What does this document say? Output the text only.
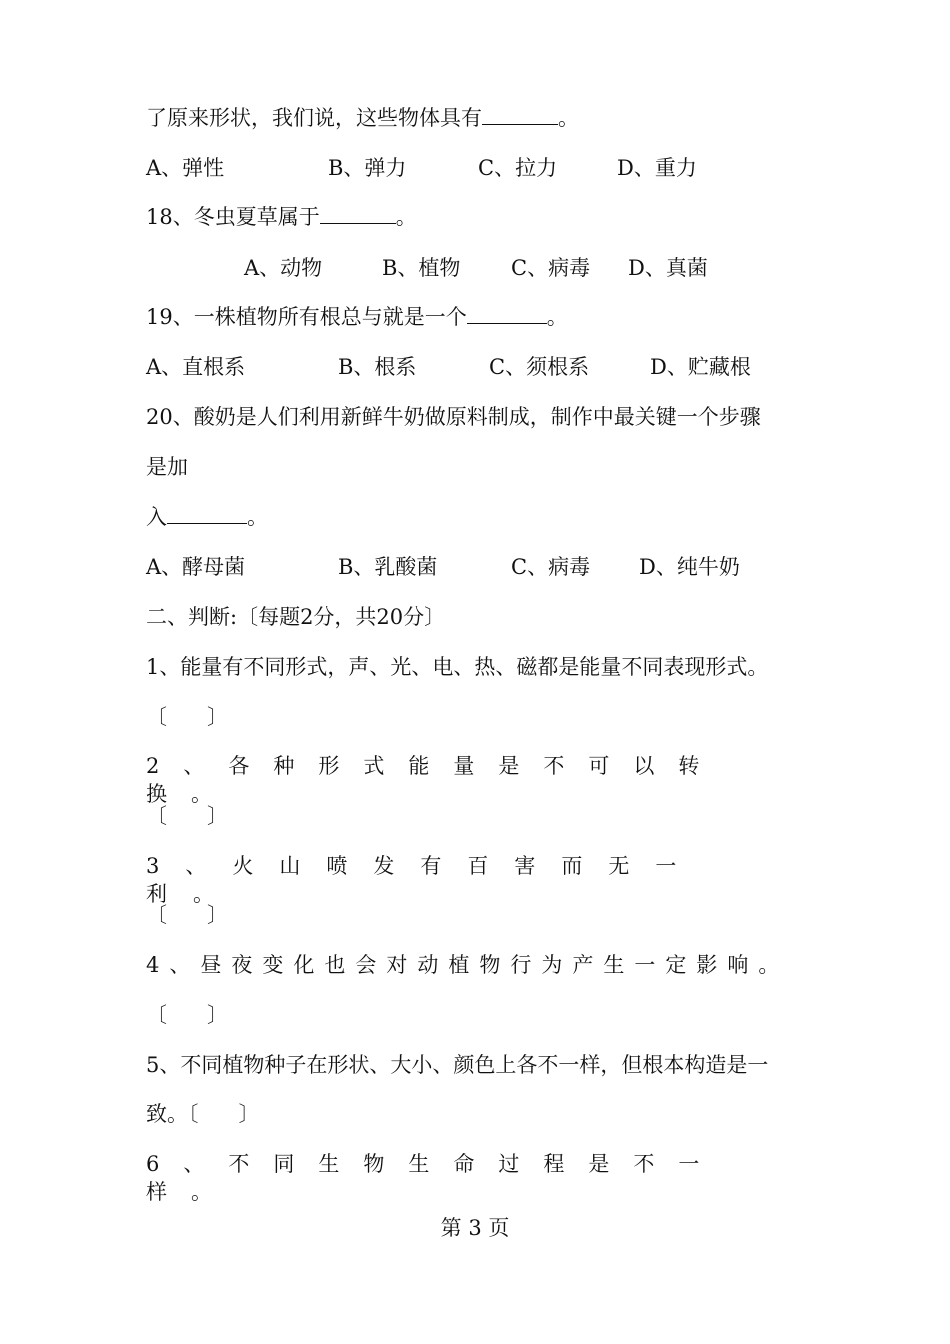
了原来形状，我们说，这些物体具有	。
A、弹性	B、弹力	C、拉力	D、重力
18、冬虫夏草属于	。
A、动物	B、植物 C、病毒 D、真菌
19、一株植物所有根总与就是一个	。
A、直根系	B、根系	C、须根系	D、贮藏根
20、酸奶是人们利用新鲜牛奶做原料制成，制作中最关键一个步骤
是加
入	。
A、酵母菌	B、乳酸菌	C、病毒 D、纯牛奶
二、判断:〔每题2分，共20分〕
1、能量有不同形式，声、光、电、热、磁都是能量不同表现形式。
〔      〕
2、各种形式能量是不可以转换。
〔      〕
3、火山喷发有百害而无一利。
〔      〕
4、昼夜变化也会对动植物行为产生一定影响。
〔      〕
5、不同植物种子在形状、大小、颜色上各不一样，但根本构造是一
致。〔      〕
6、不同生物生命过程是不一样。
第 3 页
